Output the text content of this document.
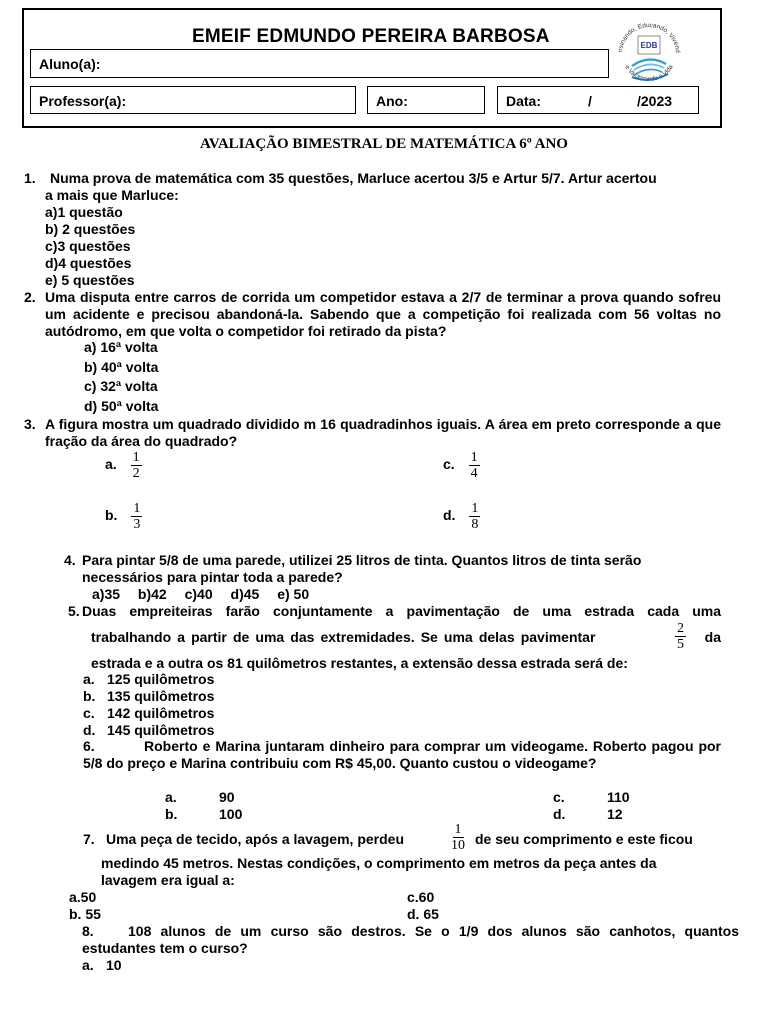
EMEIF EDMUNDO PEREIRA BARBOSA
Aluno(a):
Professor(a):	Ano:	Data:	/	/2023
nsinando, Educando, Vivend
e Valorizando a Vida
EDB
AVALIAÇÃO BIMESTRAL DE MATEMÁTICA 6º ANO
1. Numa prova de matemática com 35 questões, Marluce acertou 3/5 e Artur 5/7. Artur acertou
a mais que Marluce:
a)1 questão
b) 2 questões
c)3 questões
d)4 questões
e) 5 questões
2. Uma disputa entre carros de corrida um competidor estava a 2/7 de terminar a prova quando sofreu um acidente e precisou abandoná-la. Sabendo que a competição foi realizada com 56 voltas no autódromo, em que volta o competidor foi retirado da pista?
a) 16ª volta
b) 40ª volta
c) 32ª volta
d) 50ª volta
3. A figura mostra um quadrado dividido m 16 quadradinhos iguais. A área em preto corresponde a que fração da área do quadrado?
a. $\frac{1}{2}$	c. $\frac{1}{4}$
b. $\frac{1}{3}$	d. $\frac{1}{8}$
4. Para pintar 5/8 de uma parede, utilizei 25 litros de tinta. Quantos litros de tinta serão
necessários para pintar toda a parede?
a)35 b)42 c)40 d)45 e) 50
5. Duas empreiteiras farão conjuntamente a pavimentação de uma estrada cada uma
trabalhando a partir de uma das extremidades. Se uma delas pavimentar	$\frac{2}{5}$ da
estrada e a outra os 81 quilômetros restantes, a extensão dessa estrada será de:
a. 125 quilômetros
b. 135 quilômetros
c. 142 quilômetros
d. 145 quilômetros
6.	Roberto e Marina juntaram dinheiro para comprar um videogame. Roberto pagou por 5/8 do preço e Marina contribuiu com R$ 45,00. Quanto custou o videogame?
a.	90	c.	110
b.	100	d.	12
7. Uma peça de tecido, após a lavagem, perdeu	$\frac{1}{10}$ de seu comprimento e este ficou
medindo 45 metros. Nestas condições, o comprimento em metros da peça antes da
lavagem era igual a:
a.50	c.60
b. 55	d. 65
8. 108 alunos de um curso são destros. Se o 1/9 dos alunos são canhotos, quantos
estudantes tem o curso?
a. 10
